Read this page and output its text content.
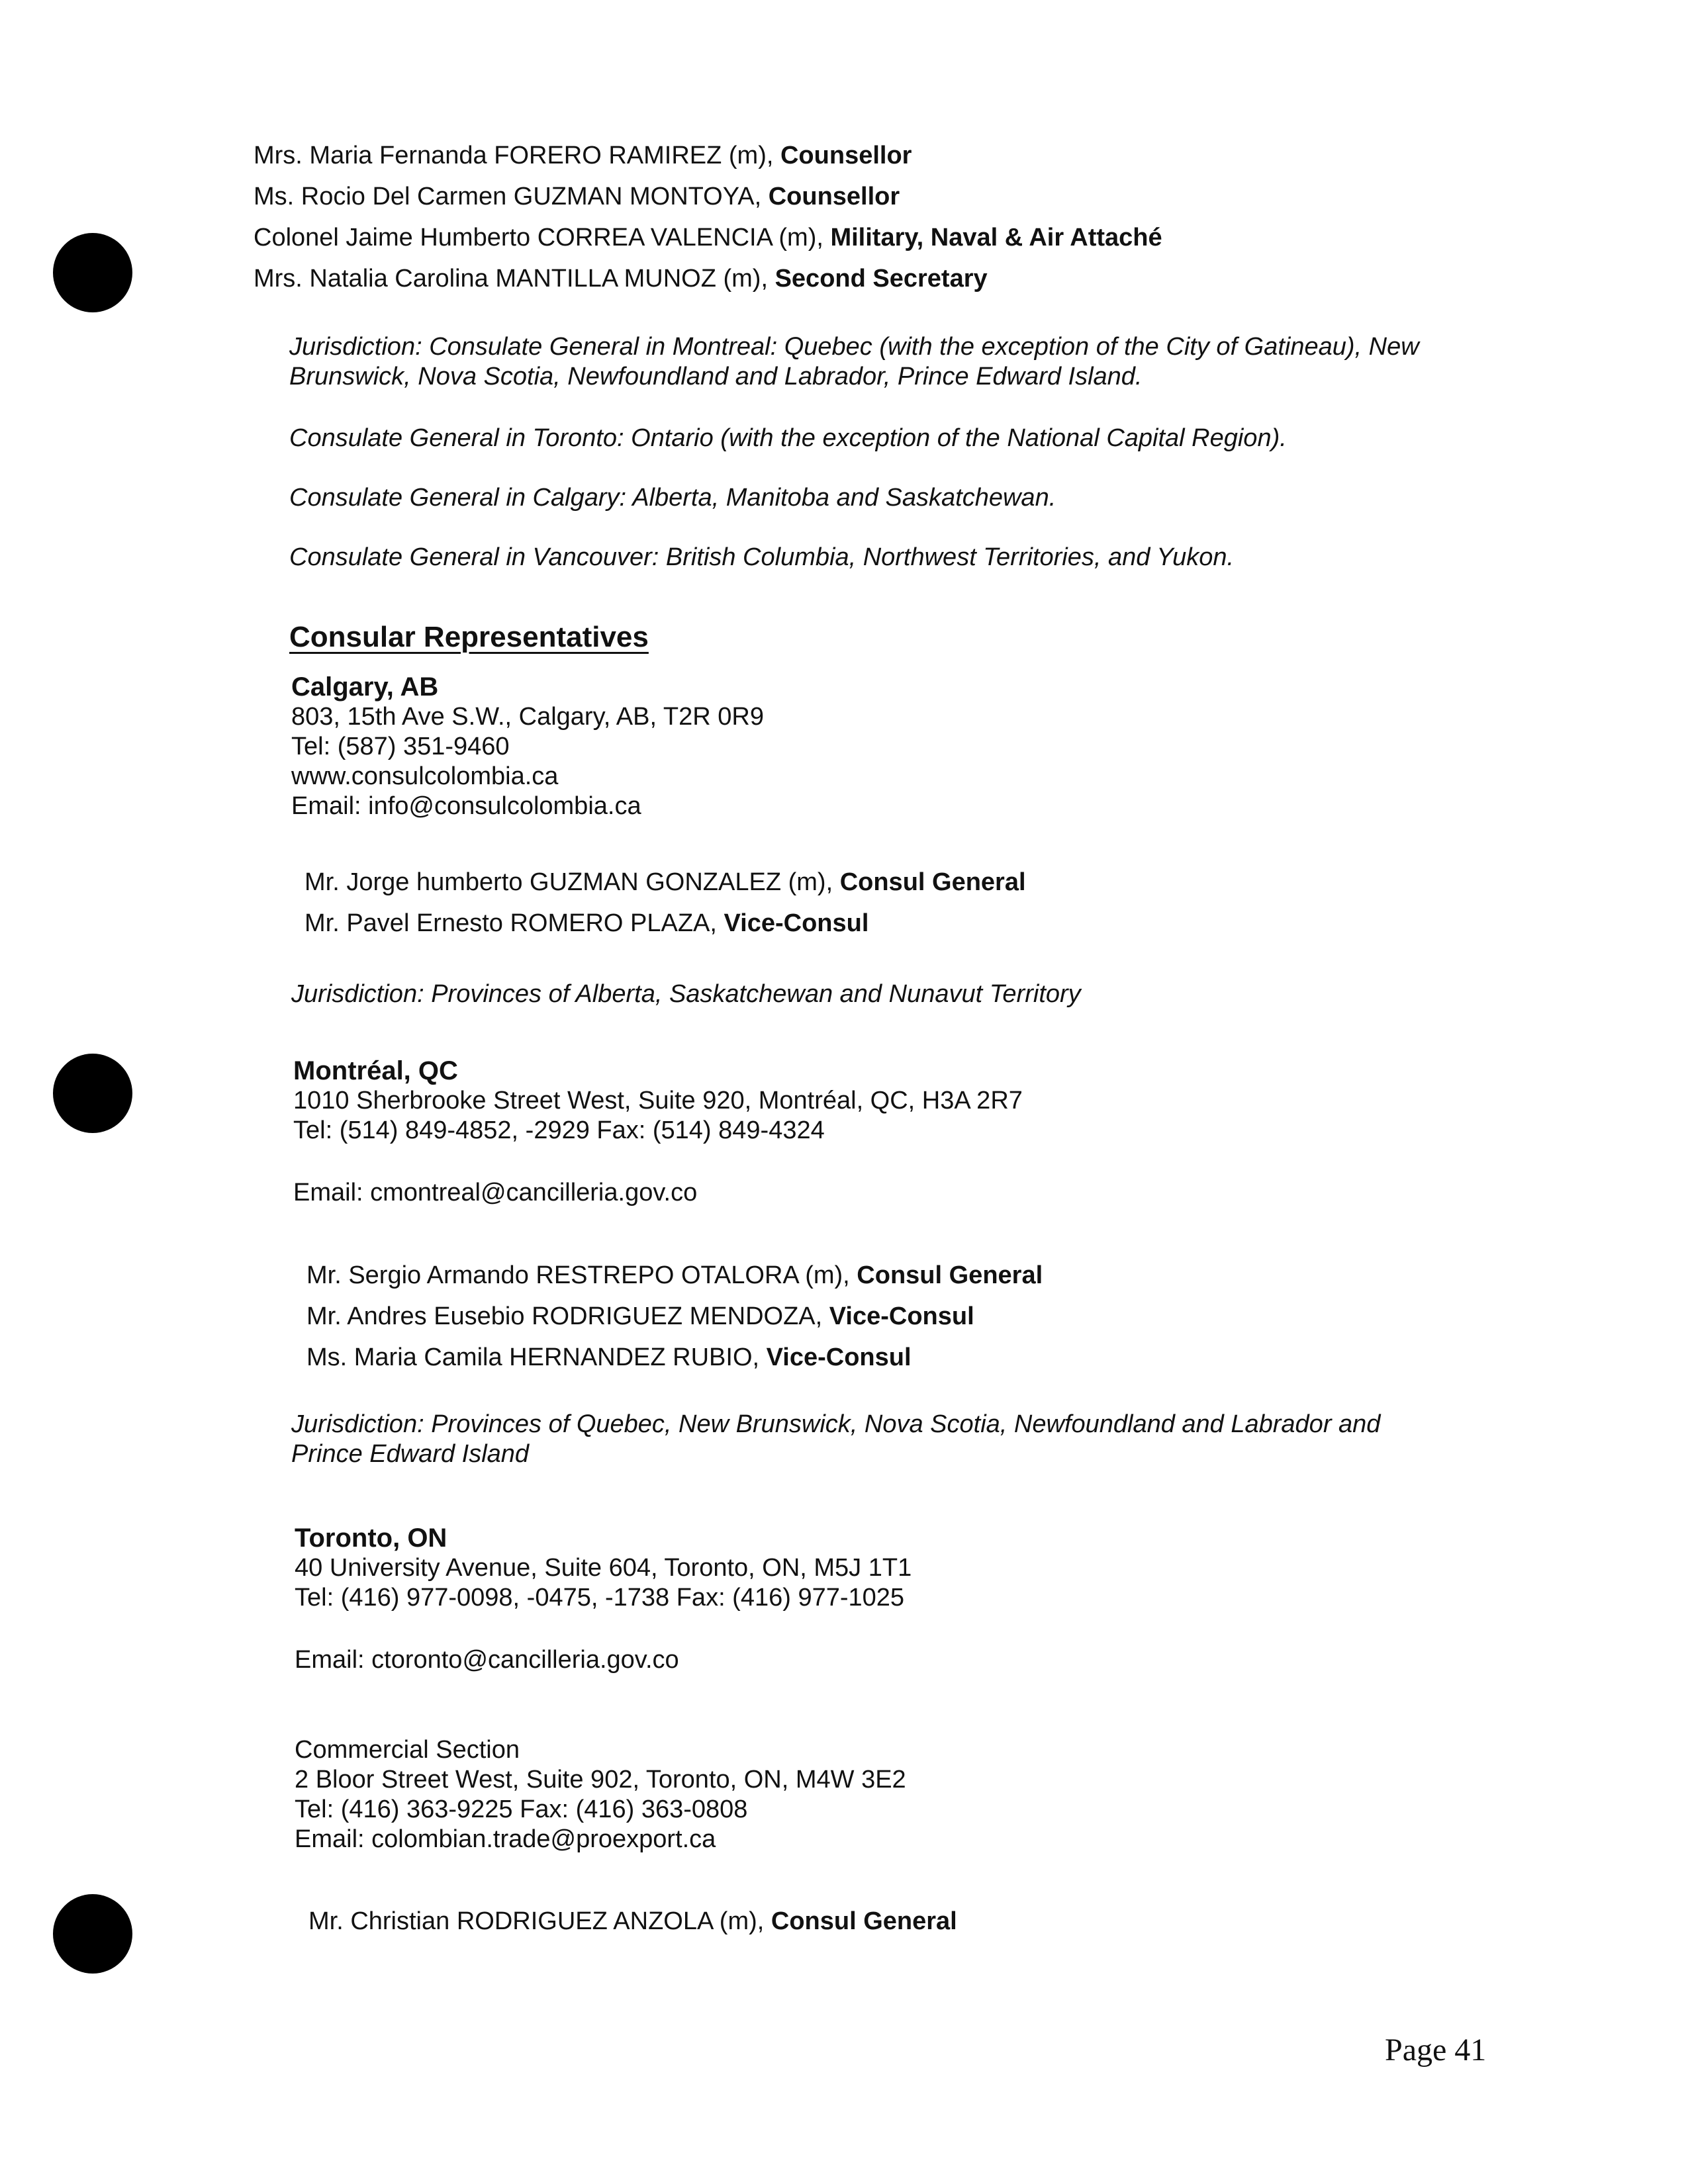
Mrs. Maria Fernanda FORERO RAMIREZ (m), Counsellor
Ms. Rocio Del Carmen GUZMAN MONTOYA, Counsellor
Colonel Jaime Humberto CORREA VALENCIA (m), Military, Naval & Air Attaché
Mrs. Natalia Carolina MANTILLA MUNOZ (m), Second Secretary
Jurisdiction: Consulate General in Montreal: Quebec (with the exception of the City of Gatineau), New Brunswick, Nova Scotia, Newfoundland and Labrador, Prince Edward Island.
Consulate General in Toronto: Ontario (with the exception of the National Capital Region).
Consulate General in Calgary: Alberta, Manitoba and Saskatchewan.
Consulate General in Vancouver: British Columbia, Northwest Territories, and Yukon.
Consular Representatives
Calgary, AB
803, 15th Ave S.W., Calgary, AB, T2R 0R9
Tel: (587) 351-9460
www.consulcolombia.ca
Email: info@consulcolombia.ca
Mr. Jorge humberto GUZMAN GONZALEZ (m), Consul General
Mr. Pavel Ernesto ROMERO PLAZA, Vice-Consul
Jurisdiction: Provinces of Alberta, Saskatchewan and Nunavut Territory
Montréal, QC
1010 Sherbrooke Street West, Suite 920, Montréal, QC, H3A 2R7
Tel: (514) 849-4852, -2929 Fax: (514) 849-4324
Email: cmontreal@cancilleria.gov.co
Mr. Sergio Armando RESTREPO OTALORA (m), Consul General
Mr. Andres Eusebio RODRIGUEZ MENDOZA, Vice-Consul
Ms. Maria Camila HERNANDEZ RUBIO, Vice-Consul
Jurisdiction: Provinces of Quebec, New Brunswick, Nova Scotia, Newfoundland and Labrador and Prince Edward Island
Toronto, ON
40 University Avenue, Suite 604, Toronto, ON, M5J 1T1
Tel: (416) 977-0098, -0475, -1738 Fax: (416) 977-1025
Email: ctoronto@cancilleria.gov.co
Commercial Section
2 Bloor Street West, Suite 902, Toronto, ON, M4W 3E2
Tel: (416) 363-9225 Fax: (416) 363-0808
Email: colombian.trade@proexport.ca
Mr. Christian RODRIGUEZ ANZOLA (m), Consul General
Page 41
